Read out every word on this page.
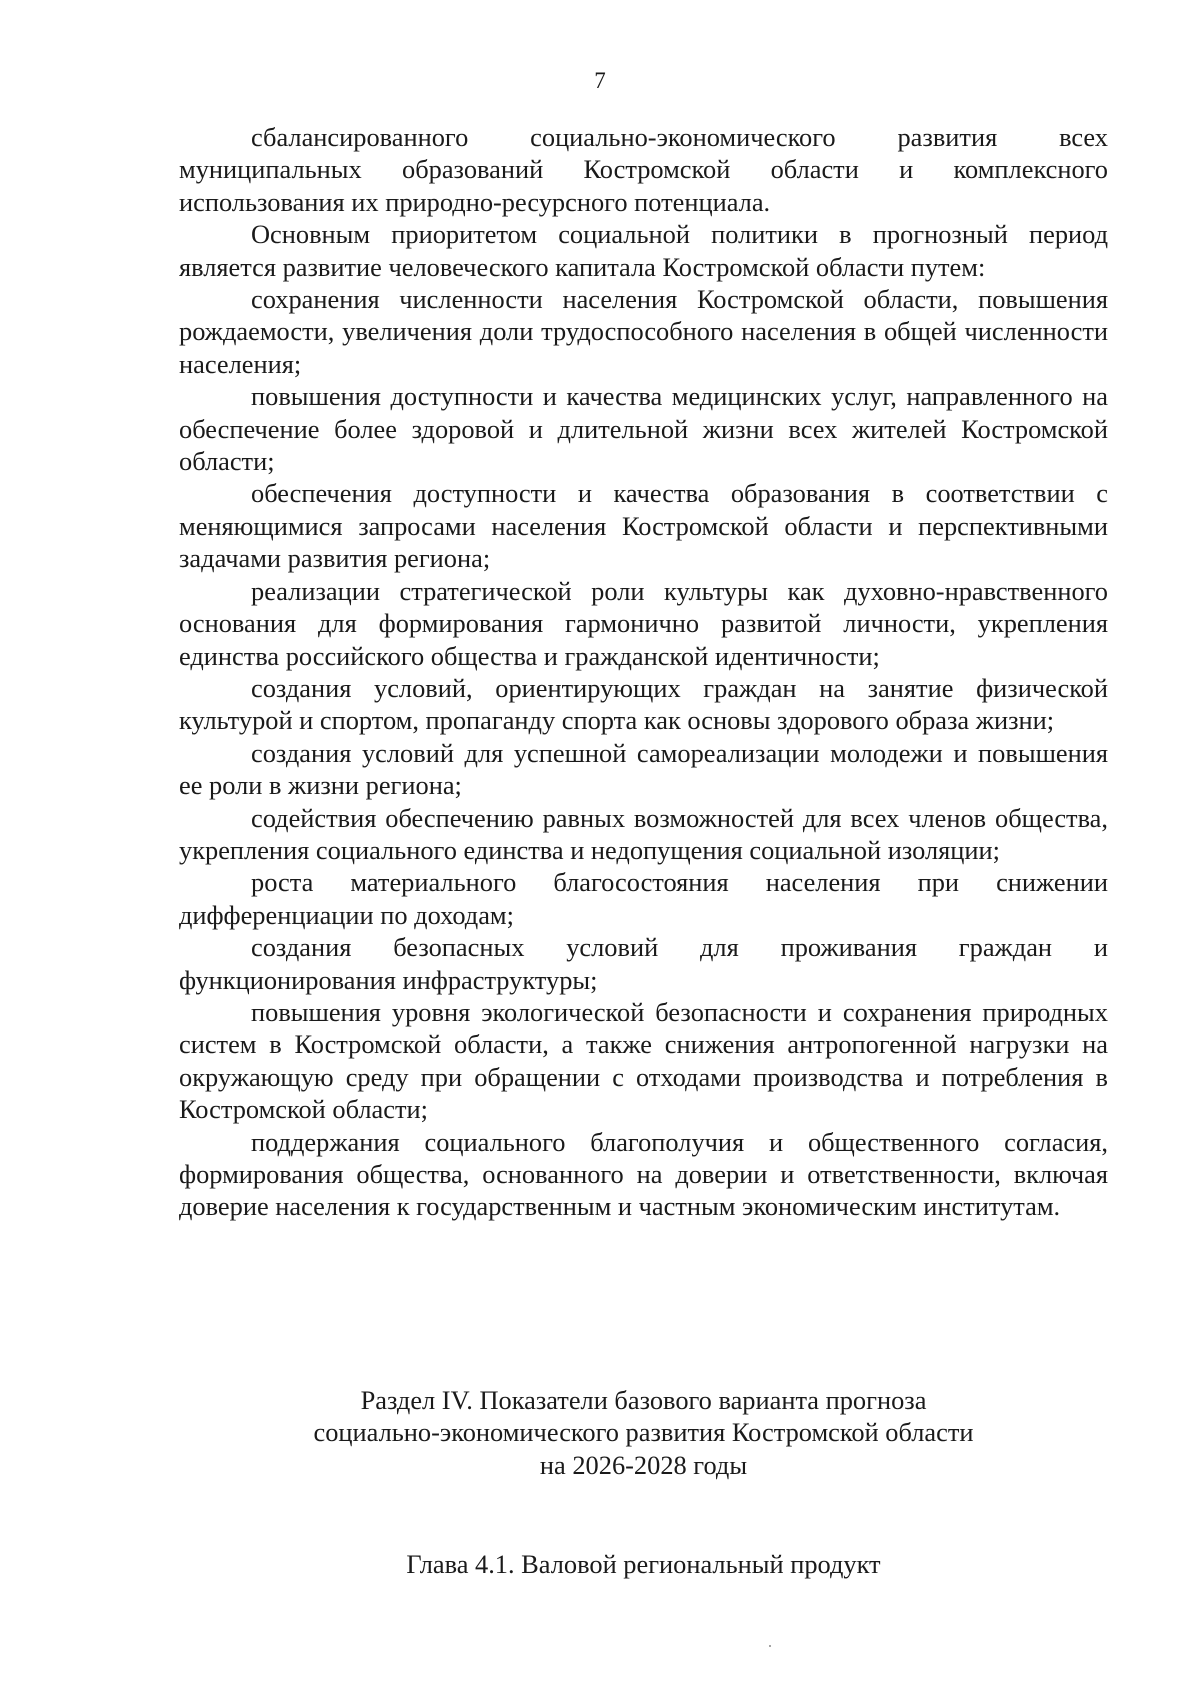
7

сбалансированного социально-экономического развития всех муниципальных образований Костромской области и комплексного использования их природно-ресурсного потенциала.

Основным приоритетом социальной политики в прогнозный период является развитие человеческого капитала Костромской области путем:

сохранения численности населения Костромской области, повышения рождаемости, увеличения доли трудоспособного населения в общей численности населения;

повышения доступности и качества медицинских услуг, направленного на обеспечение более здоровой и длительной жизни всех жителей Костромской области;

обеспечения доступности и качества образования в соответствии с меняющимися запросами населения Костромской области и перспективными задачами развития региона;

реализации стратегической роли культуры как духовно-нравственного основания для формирования гармонично развитой личности, укрепления единства российского общества и гражданской идентичности;

создания условий, ориентирующих граждан на занятие физической культурой и спортом, пропаганду спорта как основы здорового образа жизни;

создания условий для успешной самореализации молодежи и повышения ее роли в жизни региона;

содействия обеспечению равных возможностей для всех членов общества, укрепления социального единства и недопущения социальной изоляции;

роста материального благосостояния населения при снижении дифференциации по доходам;

создания безопасных условий для проживания граждан и функционирования инфраструктуры;

повышения уровня экологической безопасности и сохранения природных систем в Костромской области, а также снижения антропогенной нагрузки на окружающую среду при обращении с отходами производства и потребления в Костромской области;

поддержания социального благополучия и общественного согласия, формирования общества, основанного на доверии и ответственности, включая доверие населения к государственным и частным экономическим институтам.

Раздел IV. Показатели базового варианта прогноза
социально-экономического развития Костромской области
на 2026-2028 годы
Глава 4.1. Валовой региональный продукт
